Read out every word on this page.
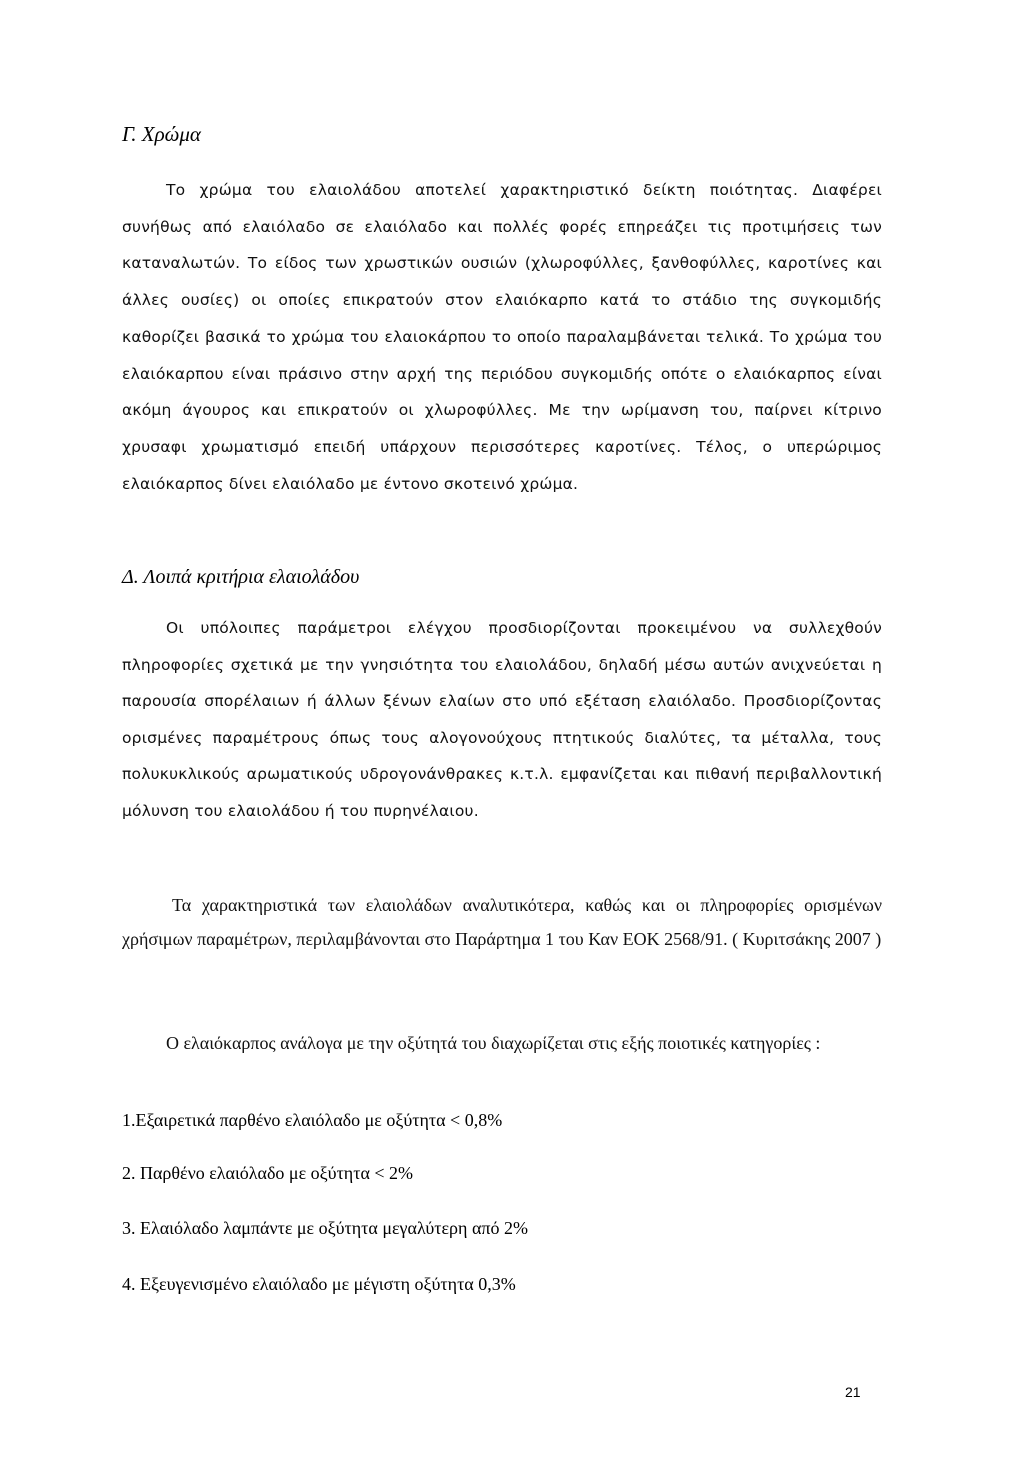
Γ. Χρώμα

Το χρώμα του ελαιολάδου αποτελεί χαρακτηριστικό δείκτη ποιότητας. Διαφέρει συνήθως από ελαιόλαδο σε ελαιόλαδο και πολλές φορές επηρεάζει τις προτιμήσεις των καταναλωτών. Το είδος των χρωστικών ουσιών (χλωροφύλλες, ξανθοφύλλες, καροτίνες και άλλες ουσίες) οι οποίες επικρατούν στον ελαιόκαρπο κατά το στάδιο της συγκομιδής καθορίζει βασικά το χρώμα του ελαιοκάρπου το οποίο παραλαμβάνεται τελικά. Το χρώμα του ελαιόκαρπου είναι πράσινο στην αρχή της περιόδου συγκομιδής οπότε ο ελαιόκαρπος είναι ακόμη άγουρος και επικρατούν οι χλωροφύλλες. Με την ωρίμανση του, παίρνει κίτρινο χρυσαφι χρωματισμό επειδή υπάρχουν περισσότερες καροτίνες. Τέλος, ο υπερώριμος ελαιόκαρπος δίνει ελαιόλαδο με έντονο σκοτεινό χρώμα.

Δ. Λοιπά κριτήρια ελαιολάδου

Οι υπόλοιπες παράμετροι ελέγχου προσδιορίζονται προκειμένου να συλλεχθούν πληροφορίες σχετικά με την γνησιότητα του ελαιολάδου, δηλαδή μέσω αυτών ανιχνεύεται η παρουσία σπορέλαιων ή άλλων ξένων ελαίων στο υπό εξέταση ελαιόλαδο. Προσδιορίζοντας ορισμένες παραμέτρους όπως τους αλογονούχους πτητικούς διαλύτες, τα μέταλλα, τους πολυκυκλικούς αρωματικούς υδρογονάνθρακες κ.τ.λ. εμφανίζεται και πιθανή περιβαλλοντική μόλυνση του ελαιολάδου ή του πυρηνέλαιου.

Τα χαρακτηριστικά των ελαιολάδων αναλυτικότερα, καθώς και οι πληροφορίες ορισμένων χρήσιμων παραμέτρων, περιλαμβάνονται στο Παράρτημα 1 του Καν ΕΟΚ 2568/91. ( Κυριτσάκης 2007 )

Ο ελαιόκαρπος ανάλογα με την οξύτητά του διαχωρίζεται στις εξής ποιοτικές κατηγορίες :

1.Εξαιρετικά παρθένο ελαιόλαδο με οξύτητα < 0,8%
2. Παρθένο ελαιόλαδο με οξύτητα < 2%
3. Ελαιόλαδο λαμπάντε με οξύτητα μεγαλύτερη από 2%
4. Εξευγενισμένο ελαιόλαδο με μέγιστη οξύτητα 0,3%
21
